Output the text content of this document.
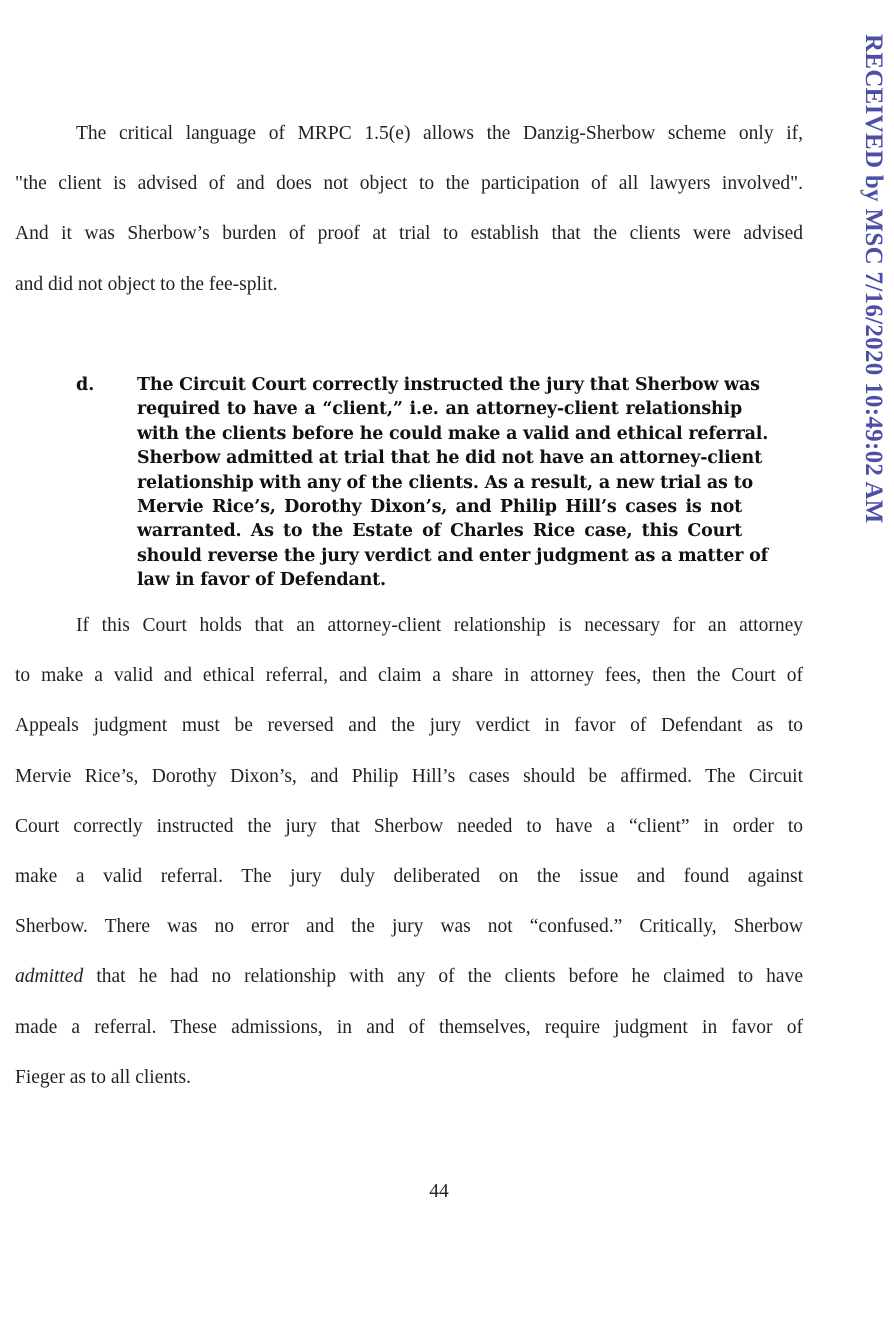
RECEIVED by MSC 7/16/2020 10:49:02 AM
The critical language of MRPC 1.5(e) allows the Danzig-Sherbow scheme only if,
"the client is advised of and does not object to the participation of all lawyers involved".
And it was Sherbow’s burden of proof at trial to establish that the clients were advised
and did not object to the fee-split.
d. The Circuit Court correctly instructed the jury that Sherbow was
required to have a “client,” i.e. an attorney-client relationship
with the clients before he could make a valid and ethical referral.
Sherbow admitted at trial that he did not have an attorney-client
relationship with any of the clients. As a result, a new trial as to
Mervie Rice’s, Dorothy Dixon’s, and Philip Hill’s cases is not
warranted. As to the Estate of Charles Rice case, this Court
should reverse the jury verdict and enter judgment as a matter of
law in favor of Defendant.
If this Court holds that an attorney-client relationship is necessary for an attorney
to make a valid and ethical referral, and claim a share in attorney fees, then the Court of
Appeals judgment must be reversed and the jury verdict in favor of Defendant as to
Mervie Rice’s, Dorothy Dixon’s, and Philip Hill’s cases should be affirmed. The Circuit
Court correctly instructed the jury that Sherbow needed to have a “client” in order to
make a valid referral. The jury duly deliberated on the issue and found against
Sherbow. There was no error and the jury was not “confused.” Critically, Sherbow
admitted that he had no relationship with any of the clients before he claimed to have
made a referral. These admissions, in and of themselves, require judgment in favor of
Fieger as to all clients.
44
